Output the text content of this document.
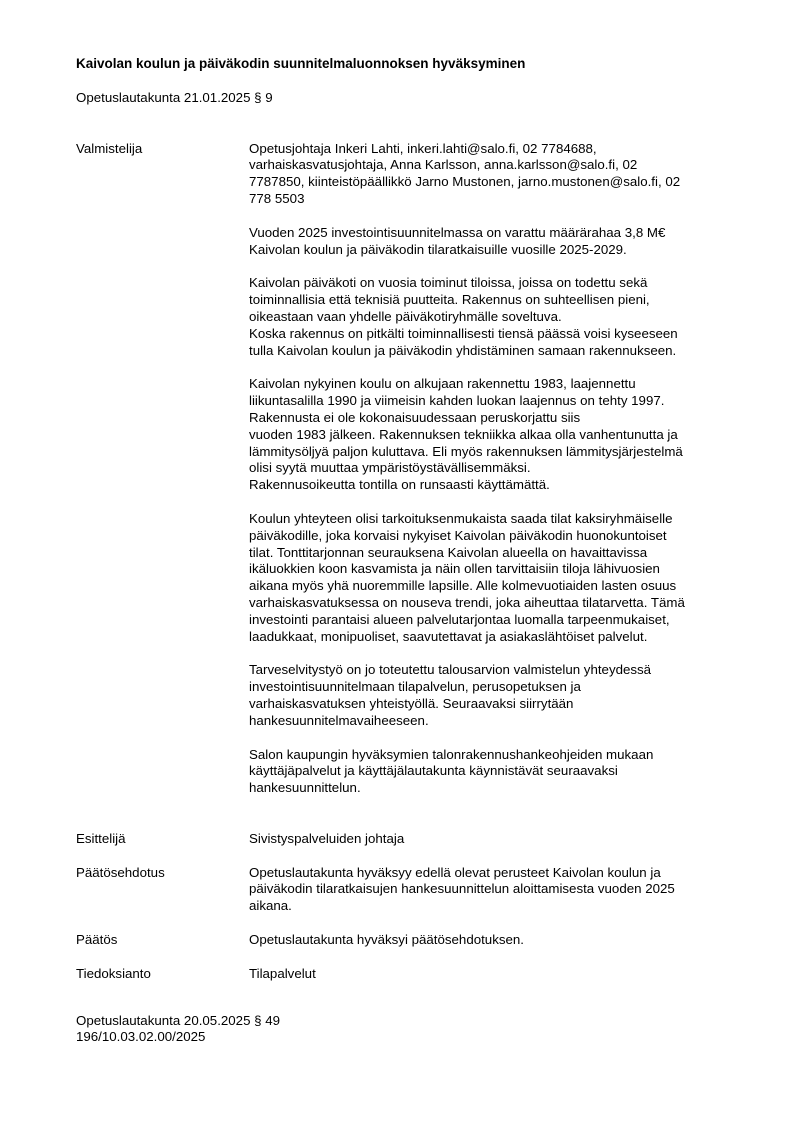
Kaivolan koulun ja päiväkodin suunnitelmaluonnoksen hyväksyminen

Opetuslautakunta 21.01.2025 § 9
Valmistelija	Opetusjohtaja Inkeri Lahti, inkeri.lahti@salo.fi, 02 7784688,
varhaiskasvatusjohtaja, Anna Karlsson, anna.karlsson@salo.fi, 02
7787850, kiinteistöpäällikkö Jarno Mustonen, jarno.mustonen@salo.fi, 02
778 5503
Vuoden 2025 investointisuunnitelmassa on varattu määrärahaa 3,8 M€
Kaivolan koulun ja päiväkodin tilaratkaisuille vuosille 2025-2029.
Kaivolan päiväkoti on vuosia toiminut tiloissa, joissa on todettu sekä
toiminnallisia että teknisiä puutteita. Rakennus on suhteellisen pieni,
oikeastaan vaan yhdelle päiväkotiryhmälle soveltuva.
Koska rakennus on pitkälti toiminnallisesti tiensä päässä voisi kyseeseen
tulla Kaivolan koulun ja päiväkodin yhdistäminen samaan rakennukseen.
Kaivolan nykyinen koulu on alkujaan rakennettu 1983, laajennettu
liikuntasalilla 1990 ja viimeisin kahden luokan laajennus on tehty 1997.
Rakennusta ei ole kokonaisuudessaan peruskorjattu siis
vuoden 1983 jälkeen. Rakennuksen tekniikka alkaa olla vanhentunutta ja
lämmitysöljyä paljon kuluttava. Eli myös rakennuksen lämmitysjärjestelmä
olisi syytä muuttaa ympäristöystävällisemmäksi.
Rakennusoikeutta tontilla on runsaasti käyttämättä.
Koulun yhteyteen olisi tarkoituksenmukaista saada tilat kaksiryhmäiselle
päiväkodille, joka korvaisi nykyiset Kaivolan päiväkodin huonokuntoiset
tilat. Tonttitarjonnan seurauksena Kaivolan alueella on havaittavissa
ikäluokkien koon kasvamista ja näin ollen tarvittaisiin tiloja lähivuosien
aikana myös yhä nuoremmille lapsille. Alle kolmevuotiaiden lasten osuus
varhaiskasvatuksessa on nouseva trendi, joka aiheuttaa tilatarvetta. Tämä
investointi parantaisi alueen palvelutarjontaa luomalla tarpeenmukaiset,
laadukkaat, monipuoliset, saavutettavat ja asiakaslähtöiset palvelut.
Tarveselvitystyö on jo toteutettu talousarvion valmistelun yhteydessä
investointisuunnitelmaan tilapalvelun, perusopetuksen ja
varhaiskasvatuksen yhteistyöllä. Seuraavaksi siirrytään
hankesuunnitelmavaiheeseen.
Salon kaupungin hyväksymien talonrakennushankeohjeiden mukaan
käyttäjäpalvelut ja käyttäjälautakunta käynnistävät seuraavaksi
hankesuunnittelun.
Esittelijä	Sivistyspalveluiden johtaja
Päätösehdotus	Opetuslautakunta hyväksyy edellä olevat perusteet Kaivolan koulun ja
päiväkodin tilaratkaisujen hankesuunnittelun aloittamisesta vuoden 2025
aikana.
Päätös	Opetuslautakunta hyväksyi päätösehdotuksen.
Tiedoksianto	Tilapalvelut
Opetuslautakunta 20.05.2025 § 49
196/10.03.02.00/2025
